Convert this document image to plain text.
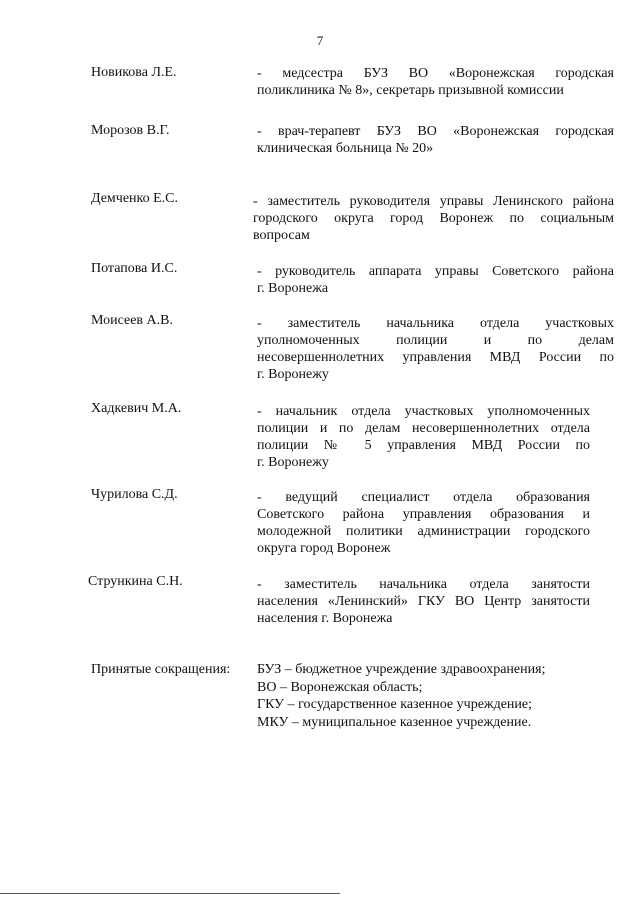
7
Новикова Л.Е.	- медсестра БУЗ ВО «Воронежская городская
поликлиника № 8», секретарь призывной комиссии
Морозов В.Г.	- врач-терапевт БУЗ ВО «Воронежская городская
клиническая больница № 20»
Демченко Е.С.	- заместитель руководителя управы Ленинского района
городского округа город Воронеж по социальным
вопросам
Потапова И.С.	- руководитель аппарата управы Советского района
г. Воронежа
Моисеев А.В.	- заместитель начальника отдела участковых
уполномоченных полиции и по делам
несовершеннолетних управления МВД России по
г. Воронежу
Хадкевич М.А.	- начальник отдела участковых уполномоченных
полиции и по делам несовершеннолетних отдела
полиции № 5 управления МВД России по
г. Воронежу
Чурилова С.Д.	- ведущий специалист отдела образования
Советского района управления образования и
молодежной политики администрации городского
округа город Воронеж
Стрункина С.Н.	- заместитель начальника отдела занятости
населения «Ленинский» ГКУ ВО Центр занятости
населения г. Воронежа
Принятые сокращения: БУЗ – бюджетное учреждение здравоохранения;
ВО – Воронежская область;
ГКУ – государственное казенное учреждение;
МКУ – муниципальное казенное учреждение.
